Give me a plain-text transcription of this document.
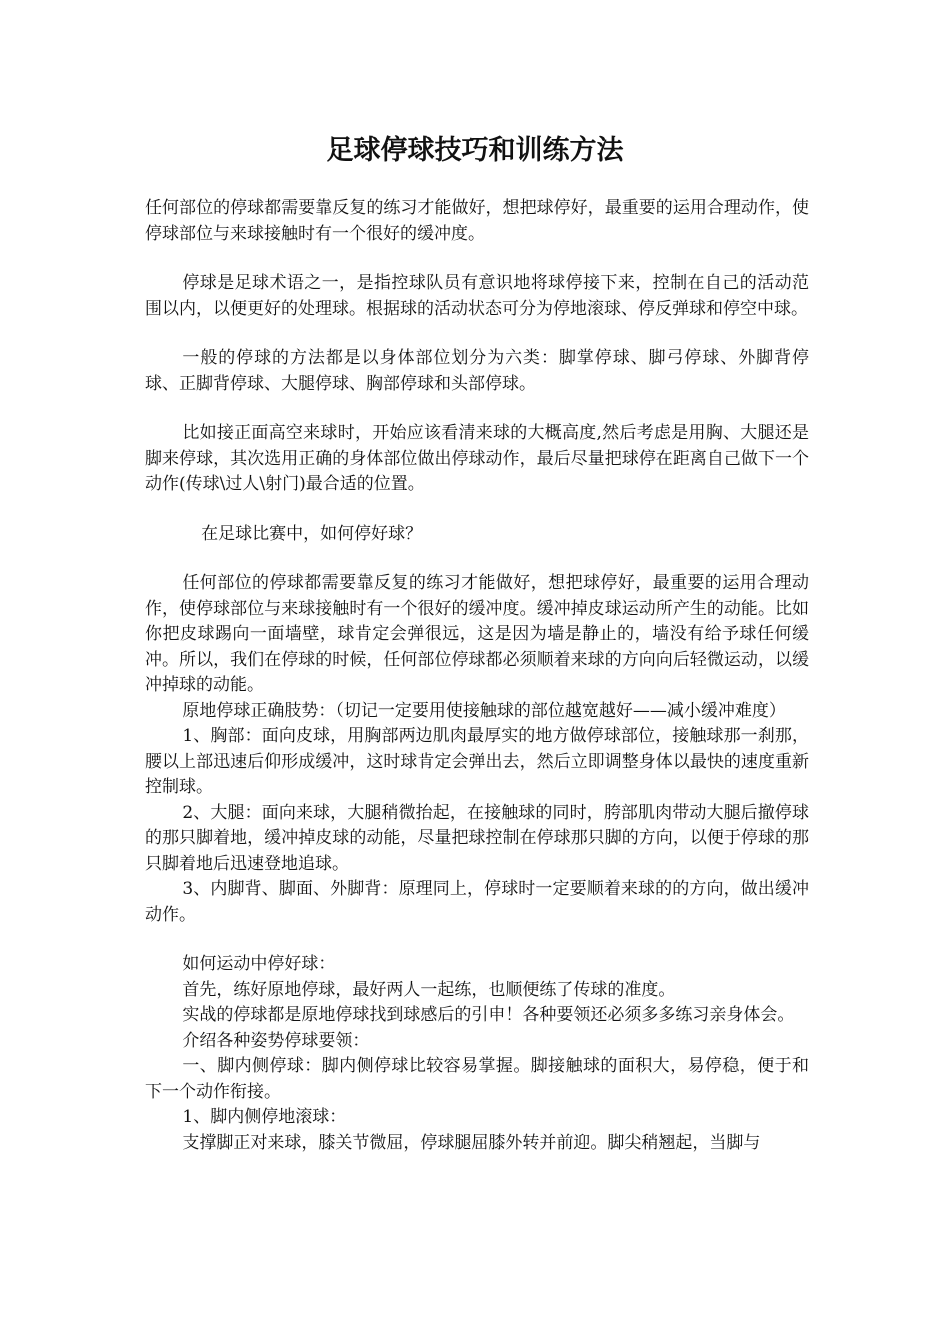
足球停球技巧和训练方法

任何部位的停球都需要靠反复的练习才能做好，想把球停好，最重要的运用合理动作，使停球部位与来球接触时有一个很好的缓冲度。

停球是足球术语之一，是指控球队员有意识地将球停接下来，控制在自己的活动范围以内，以便更好的处理球。根据球的活动状态可分为停地滚球、停反弹球和停空中球。

一般的停球的方法都是以身体部位划分为六类：脚掌停球、脚弓停球、外脚背停球、正脚背停球、大腿停球、胸部停球和头部停球。

比如接正面高空来球时，开始应该看清来球的大概高度,然后考虑是用胸、大腿还是脚来停球，其次选用正确的身体部位做出停球动作，最后尽量把球停在距离自己做下一个动作(传球\过人\射门)最合适的位置。

在足球比赛中，如何停好球？

任何部位的停球都需要靠反复的练习才能做好，想把球停好，最重要的运用合理动作，使停球部位与来球接触时有一个很好的缓冲度。缓冲掉皮球运动所产生的动能。比如你把皮球踢向一面墙壁，球肯定会弹很远，这是因为墙是静止的，墙没有给予球任何缓冲。所以，我们在停球的时候，任何部位停球都必须顺着来球的方向向后轻微运动，以缓冲掉球的动能。

原地停球正确肢势：（切记一定要用使接触球的部位越宽越好——减小缓冲难度）

1、胸部：面向皮球，用胸部两边肌肉最厚实的地方做停球部位，接触球那一刹那，腰以上部迅速后仰形成缓冲，这时球肯定会弹出去，然后立即调整身体以最快的速度重新控制球。

2、大腿：面向来球，大腿稍微抬起，在接触球的同时，胯部肌肉带动大腿后撤停球的那只脚着地，缓冲掉皮球的动能，尽量把球控制在停球那只脚的方向，以便于停球的那只脚着地后迅速登地追球。

3、内脚背、脚面、外脚背：原理同上，停球时一定要顺着来球的的方向，做出缓冲动作。

如何运动中停好球：

首先，练好原地停球，最好两人一起练，也顺便练了传球的准度。

实战的停球都是原地停球找到球感后的引申！各种要领还必须多多练习亲身体会。

介绍各种姿势停球要领：

一、脚内侧停球：脚内侧停球比较容易掌握。脚接触球的面积大，易停稳，便于和下一个动作衔接。

1、脚内侧停地滚球：

支撑脚正对来球，膝关节微屈，停球腿屈膝外转并前迎。脚尖稍翘起，当脚与
